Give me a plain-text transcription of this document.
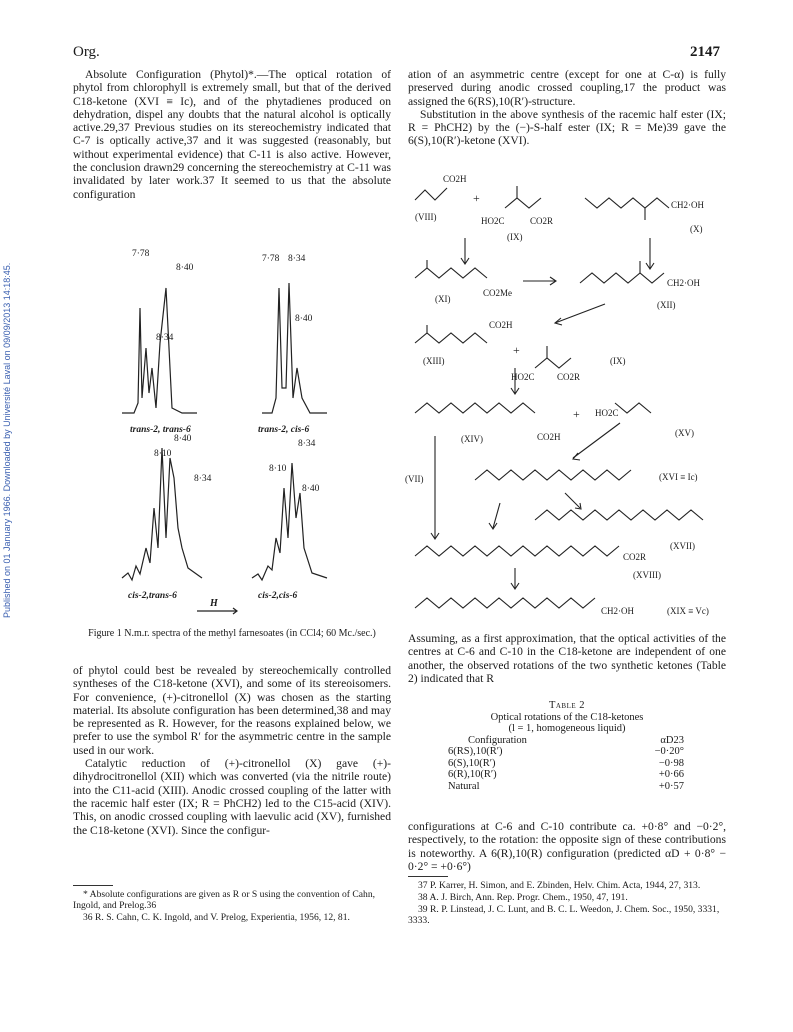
Published on 01 January 1966. Downloaded by Université Laval on 09/09/2013 14:18:45.
Org.	2147

Absolute Configuration (Phytol)*.—The optical rotation of phytol from chlorophyll is extremely small, but that of the derived C18-ketone (XVI ≡ Ic), and of the phytadienes produced on dehydration, dispel any doubts that the natural alcohol is optically active.29,37 Previous studies on its stereochemistry indicated that C-7 is optically active,37 and it was suggested (reasonably, but without experimental evidence) that C-11 is also active. However, the conclusion drawn29 concerning the stereochemistry at C-11 was invalidated by later work.37 It seemed to us that the absolute configuration

7·78
8·40
8·34
7·78 8·34
8·40
8·40
8·10
8·34
8·10
8·34
8·40
trans-2, trans-6	trans-2, cis-6
cis-2,trans-6	cis-2,cis-6
H
Figure 1 N.m.r. spectra of the methyl farnesoates (in CCl4; 60 Mc./sec.)

of phytol could best be revealed by stereochemically controlled syntheses of the C18-ketone (XVI), and some of its stereoisomers. For convenience, (+)-citronellol (X) was chosen as the starting material. Its absolute configuration has been determined,38 and may be represented as R. However, for the reasons explained below, we prefer to use the symbol R′ for the asymmetric centre in the sample used in our work.

Catalytic reduction of (+)-citronellol (X) gave (+)-dihydrocitronellol (XII) which was converted (via the nitrile route) into the C11-acid (XIII). Anodic crossed coupling of the latter with the racemic half ester (IX; R = PhCH2) led to the C15-acid (XIV). This, on anodic crossed coupling with laevulic acid (XV), furnished the C18-ketone (XVI). Since the configur-

* Absolute configurations are given as R or S using the convention of Cahn, Ingold, and Prelog.36

36 R. S. Cahn, C. K. Ingold, and V. Prelog, Experientia, 1956, 12, 81.

ation of an asymmetric centre (except for one at C-α) is fully preserved during anodic crossed coupling,17 the product was assigned the 6(RS),10(R′)-structure.

Substitution in the above synthesis of the racemic half ester (IX; R = PhCH2) by the (−)-S-half ester (IX; R = Me)39 gave the 6(S),10(R′)-ketone (XVI).

CO2H
(VIII)	HO2C	CO2R
(IX)
CH2·OH
(X)
(XI)
CO2Me
CH2·OH
(XII)
CO2H
(XIII)
HO2C CO2R
(IX)
HO2C
(XV)
(XIV)	CO2H
(VII)	(XVI ≡ Ic)
(XVII)
CO2R
(XVIII)
CH2·OH	(XIX ≡ Vc)
+
+
+

Assuming, as a first approximation, that the optical activities of the centres at C-6 and C-10 in the C18-ketone are independent of one another, the observed rotations of the two synthetic ketones (Table 2) indicated that R

Table 2
Optical rotations of the C18-ketones
(l = 1, homogeneous liquid)
Configuration	αD23
6(RS),10(R′)	−0·20°
6(S),10(R′)	−0·98
6(R),10(R′)	+0·66
Natural	+0·57

configurations at C-6 and C-10 contribute ca. +0·8° and −0·2°, respectively, to the rotation: the opposite sign of these contributions is noteworthy. A 6(R),10(R) configuration (predicted αD + 0·8° − 0·2° = +0·6°)

37 P. Karrer, H. Simon, and E. Zbinden, Helv. Chim. Acta, 1944, 27, 313.

38 A. J. Birch, Ann. Rep. Progr. Chem., 1950, 47, 191.

39 R. P. Linstead, J. C. Lunt, and B. C. L. Weedon, J. Chem. Soc., 1950, 3331, 3333.
